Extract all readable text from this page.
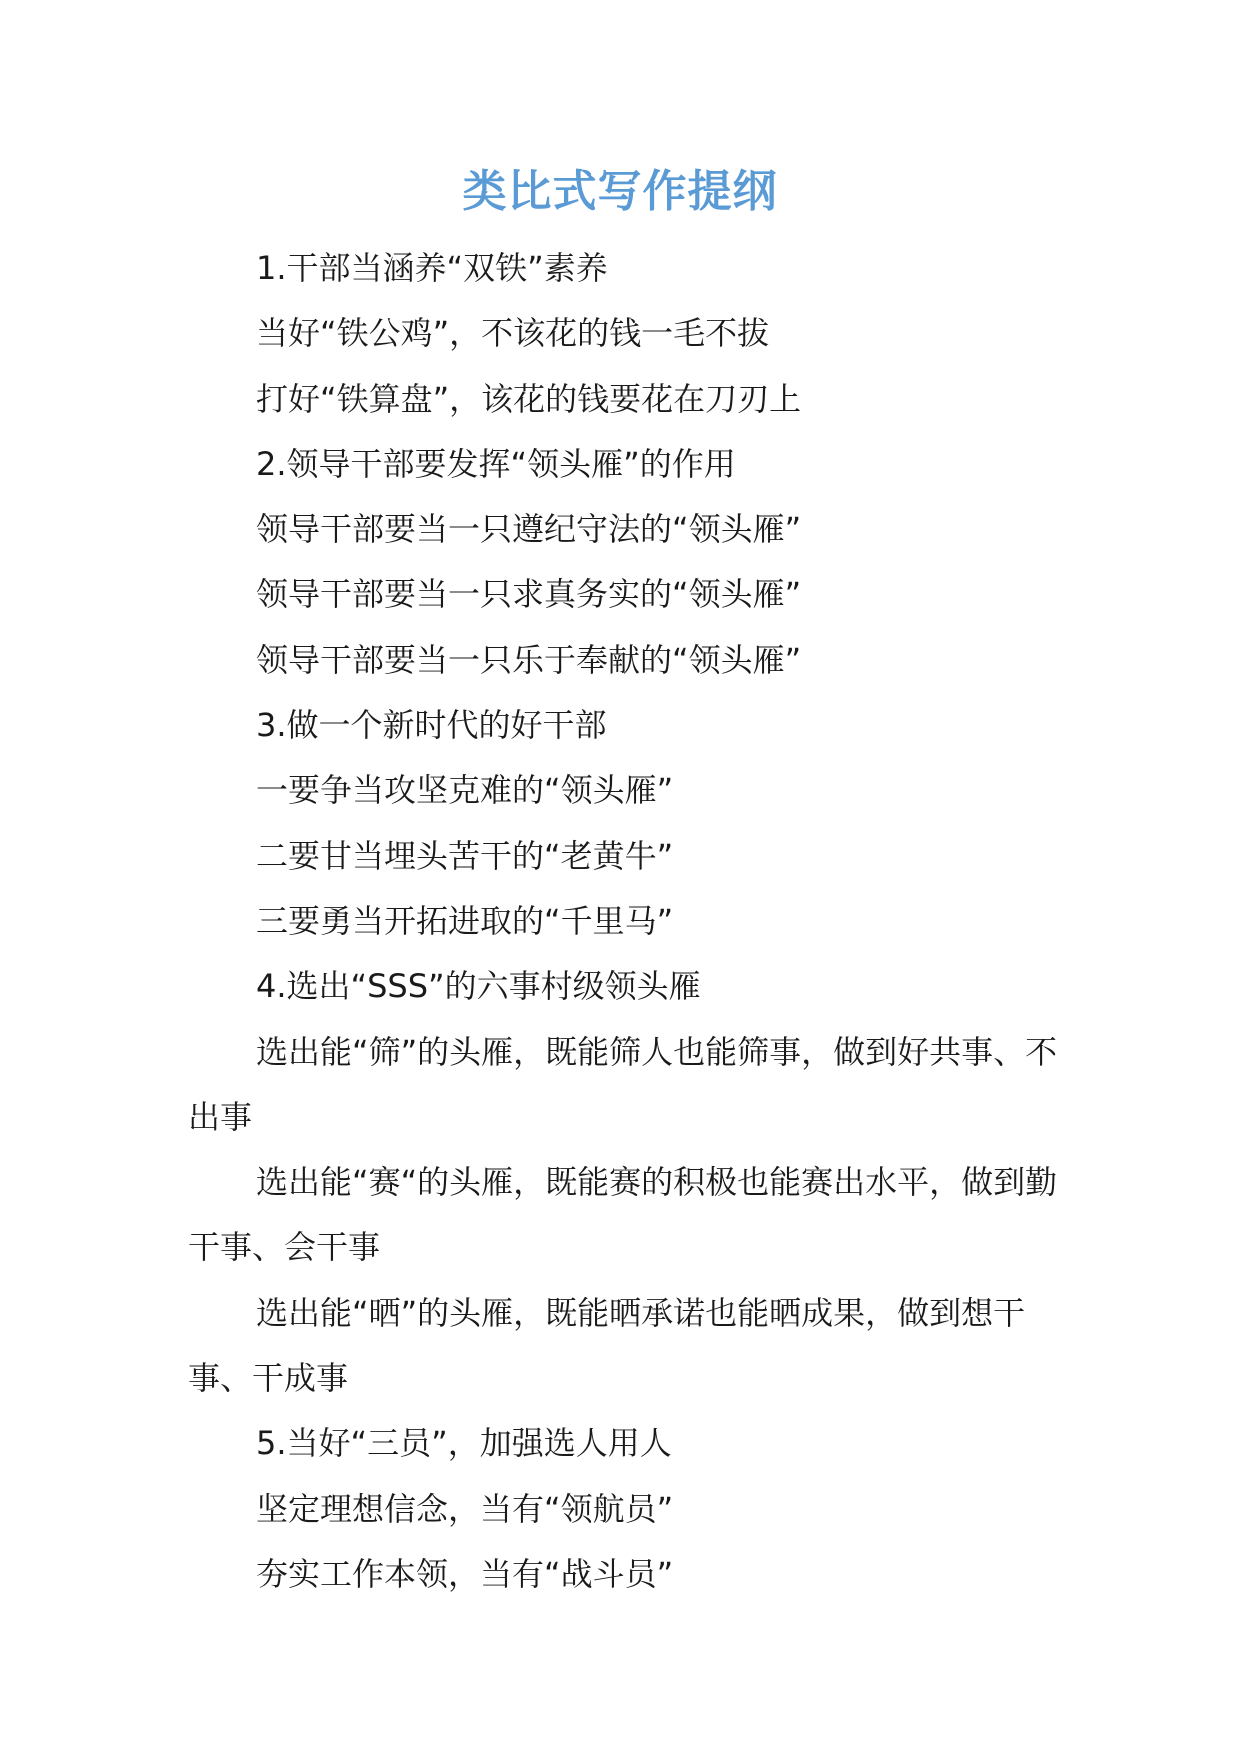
类比式写作提纲

1.干部当涵养“双铁”素养

当好“铁公鸡”，不该花的钱一毛不拔

打好“铁算盘”，该花的钱要花在刀刃上

2.领导干部要发挥“领头雁”的作用

领导干部要当一只遵纪守法的“领头雁”

领导干部要当一只求真务实的“领头雁”

领导干部要当一只乐于奉献的“领头雁”

3.做一个新时代的好干部

一要争当攻坚克难的“领头雁”

二要甘当埋头苦干的“老黄牛”

三要勇当开拓进取的“千里马”

4.选出“SSS”的六事村级领头雁

选出能“筛”的头雁，既能筛人也能筛事，做到好共事、不出事

选出能“赛“的头雁，既能赛的积极也能赛出水平，做到勤干事、会干事

选出能“晒”的头雁，既能晒承诺也能晒成果，做到想干事、干成事

5.当好“三员”，加强选人用人

坚定理想信念，当有“领航员”

夯实工作本领，当有“战斗员”
